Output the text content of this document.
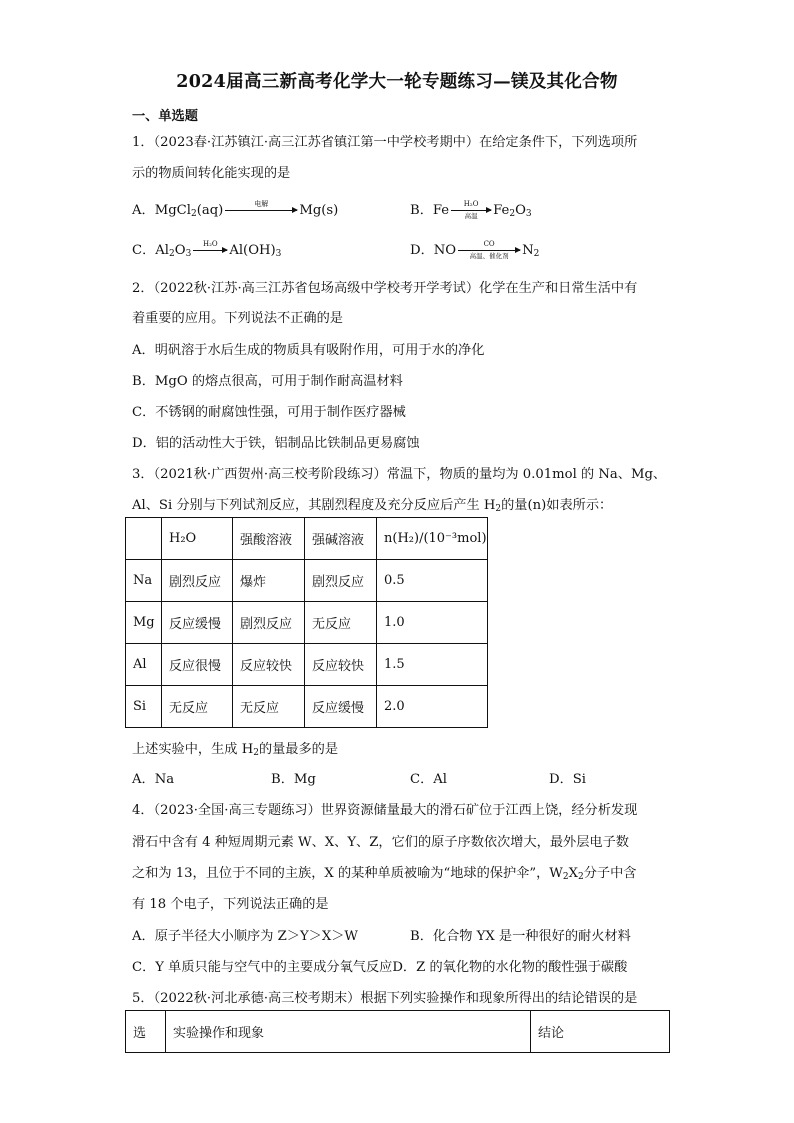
2024届高三新高考化学大一轮专题练习—镁及其化合物
一、单选题
1．（2023春·江苏镇江·高三江苏省镇江第一中学校考期中）在给定条件下，下列选项所
示的物质间转化能实现的是
A．MgCl$_2$(aq)	电解	Mg(s)	B．Fe	H₂O
高温	$Fe_2O_3$
C．$Al_2O_3$
H₂O $Al(OH)_3$	D．NO	CO
高温、催化剂	$N_2$
2．（2022秋·江苏·高三江苏省包场高级中学校考开学考试）化学在生产和日常生活中有
着重要的应用。下列说法不正确的是
A．明矾溶于水后生成的物质具有吸附作用，可用于水的净化
B．MgO 的熔点很高，可用于制作耐高温材料
C．不锈钢的耐腐蚀性强，可用于制作医疗器械
D．铝的活动性大于铁，铝制品比铁制品更易腐蚀
3．（2021秋·广西贺州·高三校考阶段练习）常温下，物质的量均为 0.01mol 的 Na、Mg、
Al、Si 分别与下列试剂反应，其剧烈程度及充分反应后产生 $H_2$的量(n)如表所示：
	H₂O	强酸溶液	强碱溶液	n(H₂)/(10⁻³mol)
Na	剧烈反应	爆炸	剧烈反应	0.5
Mg	反应缓慢	剧烈反应	无反应	1.0
Al	反应很慢	反应较快	反应较快	1.5
Si	无反应	无反应	反应缓慢	2.0
上述实验中，生成 $H_2$的量最多的是
A．Na	B．Mg	C．Al	D．Si
4．（2023·全国·高三专题练习）世界资源储量最大的滑石矿位于江西上饶，经分析发现
滑石中含有 4 种短周期元素 W、X、Y、Z，它们的原子序数依次增大，最外层电子数
之和为 13，且位于不同的主族，X 的某种单质被喻为“地球的保护伞”，$W_2X_2$分子中含
有 18 个电子，下列说法正确的是
A．原子半径大小顺序为 Z＞Y＞X＞W	B．化合物 YX 是一种很好的耐火材料
C．Y 单质只能与空气中的主要成分氧气反应D．Z 的氧化物的水化物的酸性强于碳酸
5．（2022秋·河北承德·高三校考期末）根据下列实验操作和现象所得出的结论错误的是
选	实验操作和现象	结论
